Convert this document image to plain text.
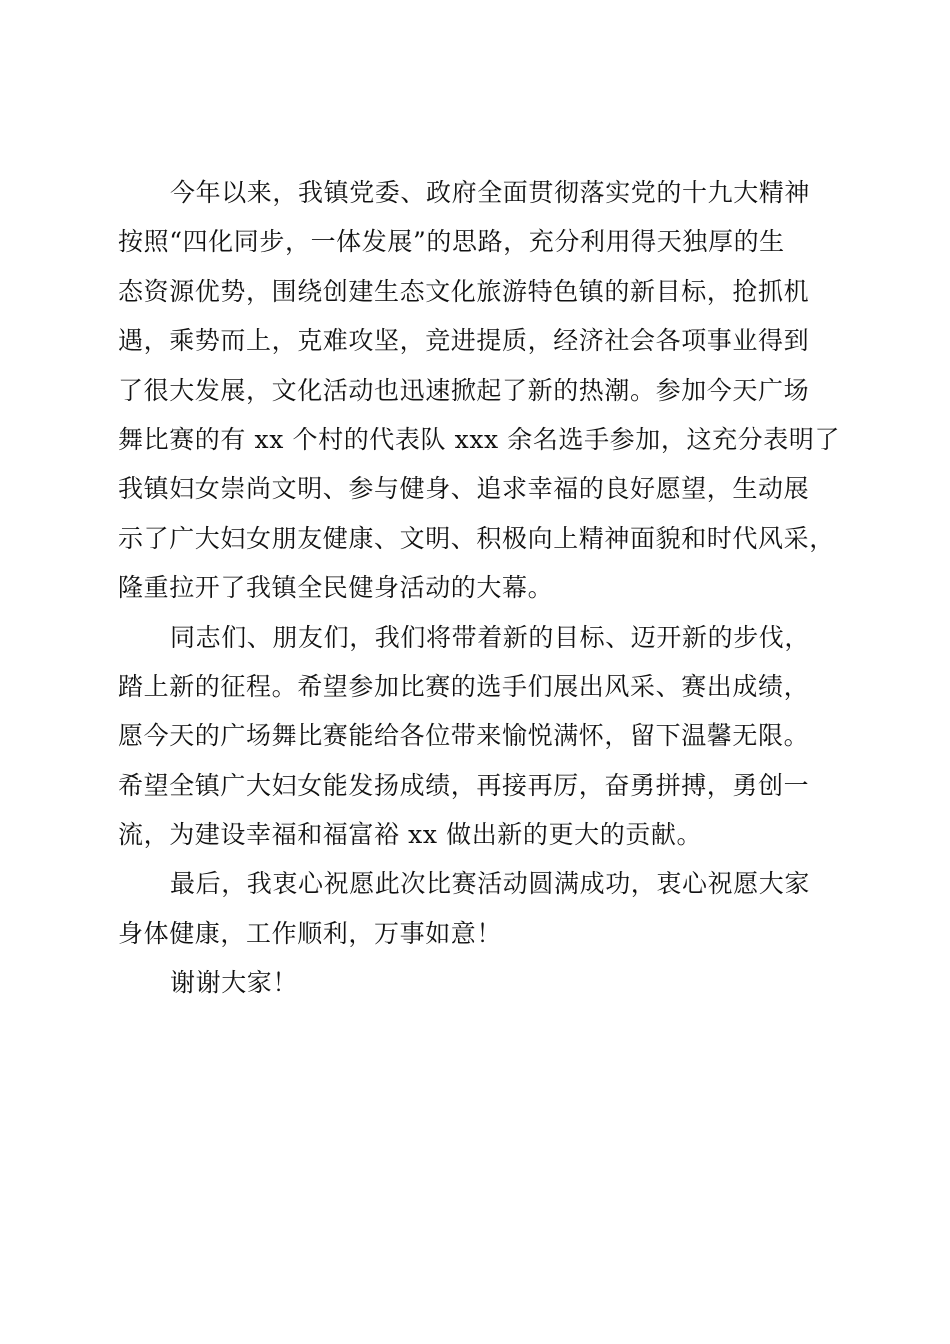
今年以来，我镇党委、政府全面贯彻落实党的十九大精神
按照“四化同步，一体发展”的思路，充分利用得天独厚的生
态资源优势，围绕创建生态文化旅游特色镇的新目标，抢抓机
遇，乘势而上，克难攻坚，竞进提质，经济社会各项事业得到
了很大发展，文化活动也迅速掀起了新的热潮。参加今天广场
舞比赛的有 xx 个村的代表队 xxx 余名选手参加，这充分表明了
我镇妇女崇尚文明、参与健身、追求幸福的良好愿望，生动展
示了广大妇女朋友健康、文明、积极向上精神面貌和时代风采，
隆重拉开了我镇全民健身活动的大幕。
同志们、朋友们，我们将带着新的目标、迈开新的步伐，
踏上新的征程。希望参加比赛的选手们展出风采、赛出成绩，
愿今天的广场舞比赛能给各位带来愉悦满怀，留下温馨无限。
希望全镇广大妇女能发扬成绩，再接再厉，奋勇拼搏，勇创一
流，为建设幸福和福富裕 xx 做出新的更大的贡献。
最后，我衷心祝愿此次比赛活动圆满成功，衷心祝愿大家
身体健康，工作顺利，万事如意！
谢谢大家！
